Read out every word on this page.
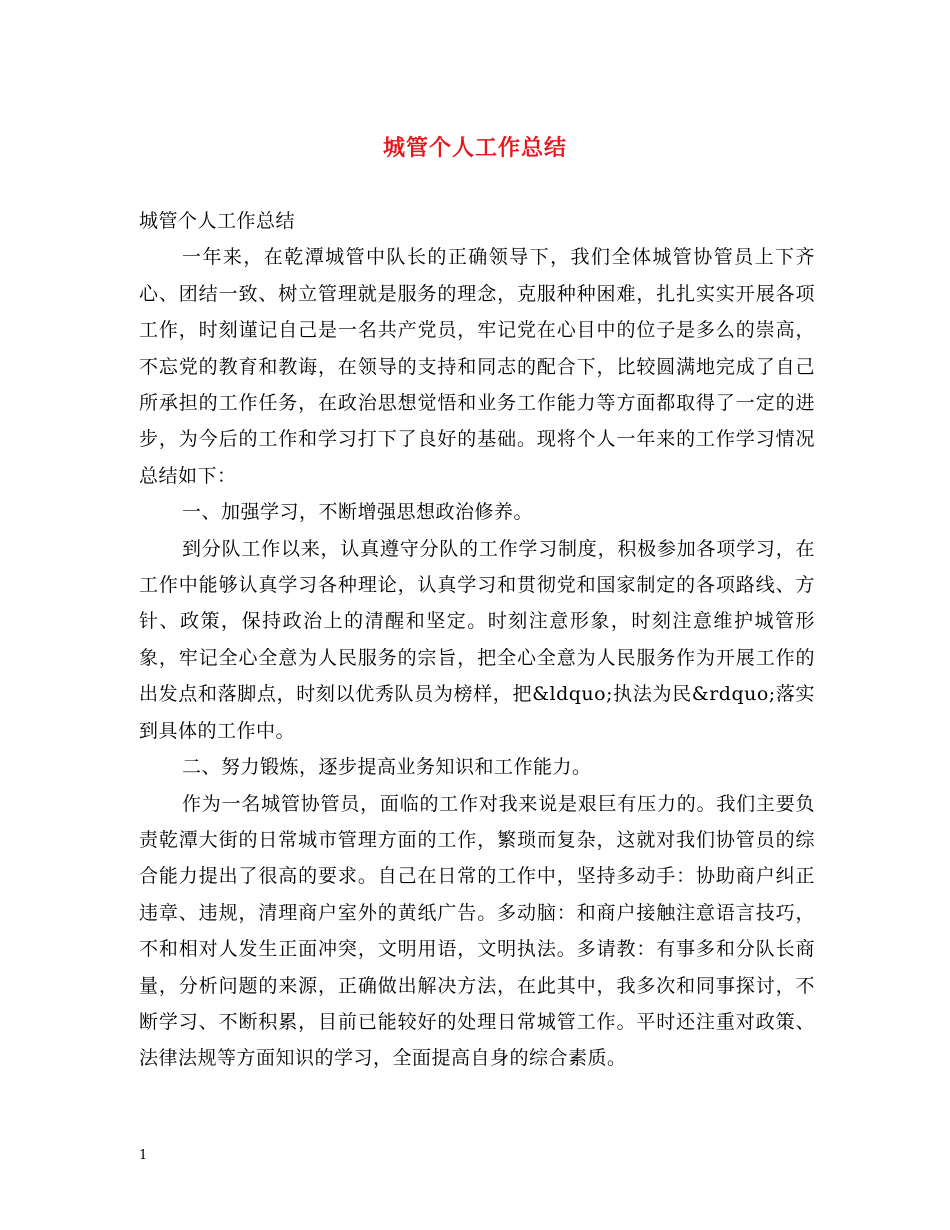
城管个人工作总结

城管个人工作总结

一年来，在乾潭城管中队长的正确领导下，我们全体城管协管员上下齐心、团结一致、树立管理就是服务的理念，克服种种困难，扎扎实实开展各项工作，时刻谨记自己是一名共产党员，牢记党在心目中的位子是多么的崇高，不忘党的教育和教诲，在领导的支持和同志的配合下，比较圆满地完成了自己所承担的工作任务，在政治思想觉悟和业务工作能力等方面都取得了一定的进步，为今后的工作和学习打下了良好的基础。现将个人一年来的工作学习情况总结如下：

一、加强学习，不断增强思想政治修养。

到分队工作以来，认真遵守分队的工作学习制度，积极参加各项学习，在工作中能够认真学习各种理论，认真学习和贯彻党和国家制定的各项路线、方针、政策，保持政治上的清醒和坚定。时刻注意形象，时刻注意维护城管形象，牢记全心全意为人民服务的宗旨，把全心全意为人民服务作为开展工作的出发点和落脚点，时刻以优秀队员为榜样，把&ldquo;执法为民&rdquo;落实到具体的工作中。

二、努力锻炼，逐步提高业务知识和工作能力。

作为一名城管协管员，面临的工作对我来说是艰巨有压力的。我们主要负责乾潭大街的日常城市管理方面的工作，繁琐而复杂，这就对我们协管员的综合能力提出了很高的要求。自己在日常的工作中，坚持多动手：协助商户纠正违章、违规，清理商户室外的黄纸广告。多动脑：和商户接触注意语言技巧，不和相对人发生正面冲突，文明用语，文明执法。多请教：有事多和分队长商量，分析问题的来源，正确做出解决方法，在此其中，我多次和同事探讨，不断学习、不断积累，目前已能较好的处理日常城管工作。平时还注重对政策、法律法规等方面知识的学习，全面提高自身的综合素质。

1
